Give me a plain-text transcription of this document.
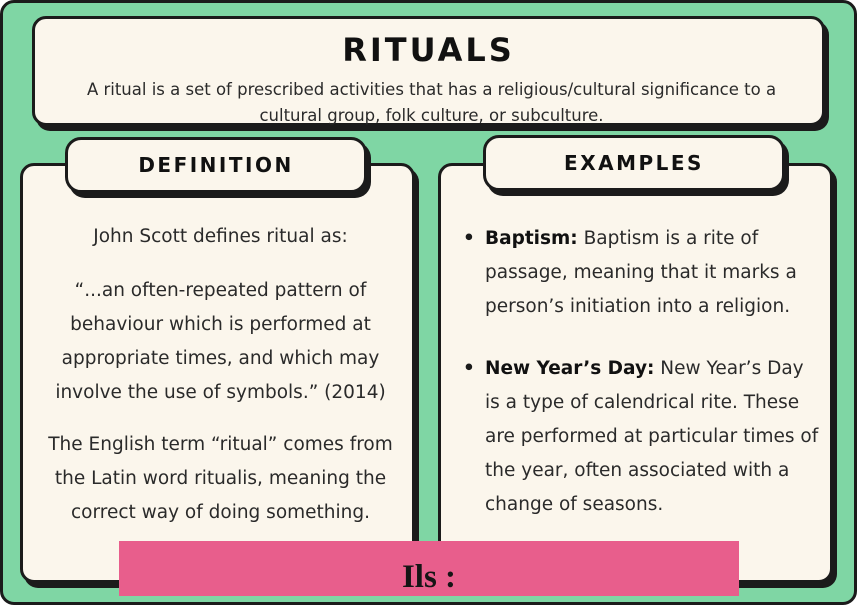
RITUALS
A ritual is a set of prescribed activities that has a religious/cultural significance to a cultural group, folk culture, or subculture.
John Scott defines ritual as:
“...an often-repeated pattern of behaviour which is performed at appropriate times, and which may involve the use of symbols.” (2014)
The English term “ritual” comes from the Latin word ritualis, meaning the correct way of doing something.
• Baptism: Baptism is a rite of passage, meaning that it marks a person’s initiation into a religion.
• New Year’s Day: New Year’s Day is a type of calendrical rite. These are performed at particular times of the year, often associated with a change of seasons.
DEFINITION	EXAMPLES
Ils :
